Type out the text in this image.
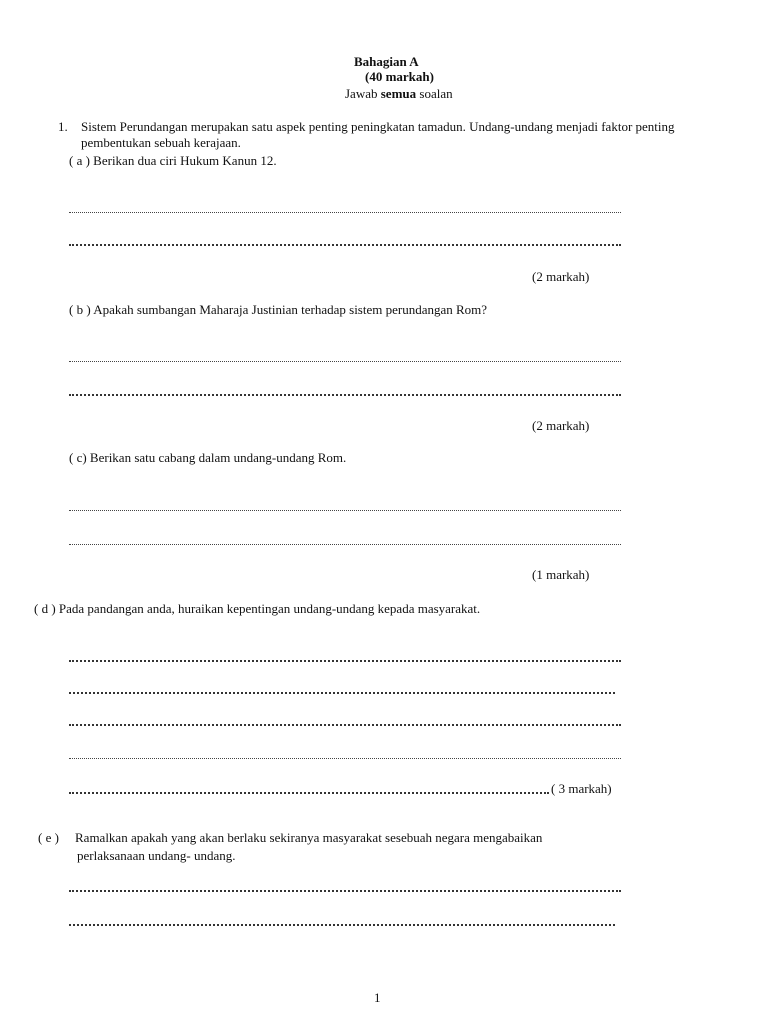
Bahagian A
(40 markah)
Jawab semua soalan
1. Sistem Perundangan merupakan satu aspek penting peningkatan tamadun. Undang-undang menjadi faktor penting
pembentukan sebuah kerajaan.
( a ) Berikan dua ciri Hukum Kanun 12.
(2 markah)
( b ) Apakah sumbangan Maharaja Justinian terhadap sistem perundangan Rom?
(2 markah)
( c) Berikan satu cabang dalam undang-undang Rom.
(1 markah)
( d ) Pada pandangan anda, huraikan kepentingan undang-undang kepada masyarakat.
( 3 markah)
( e ) Ramalkan apakah yang akan berlaku sekiranya masyarakat sesebuah negara mengabaikan
perlaksanaan undang- undang.
1
